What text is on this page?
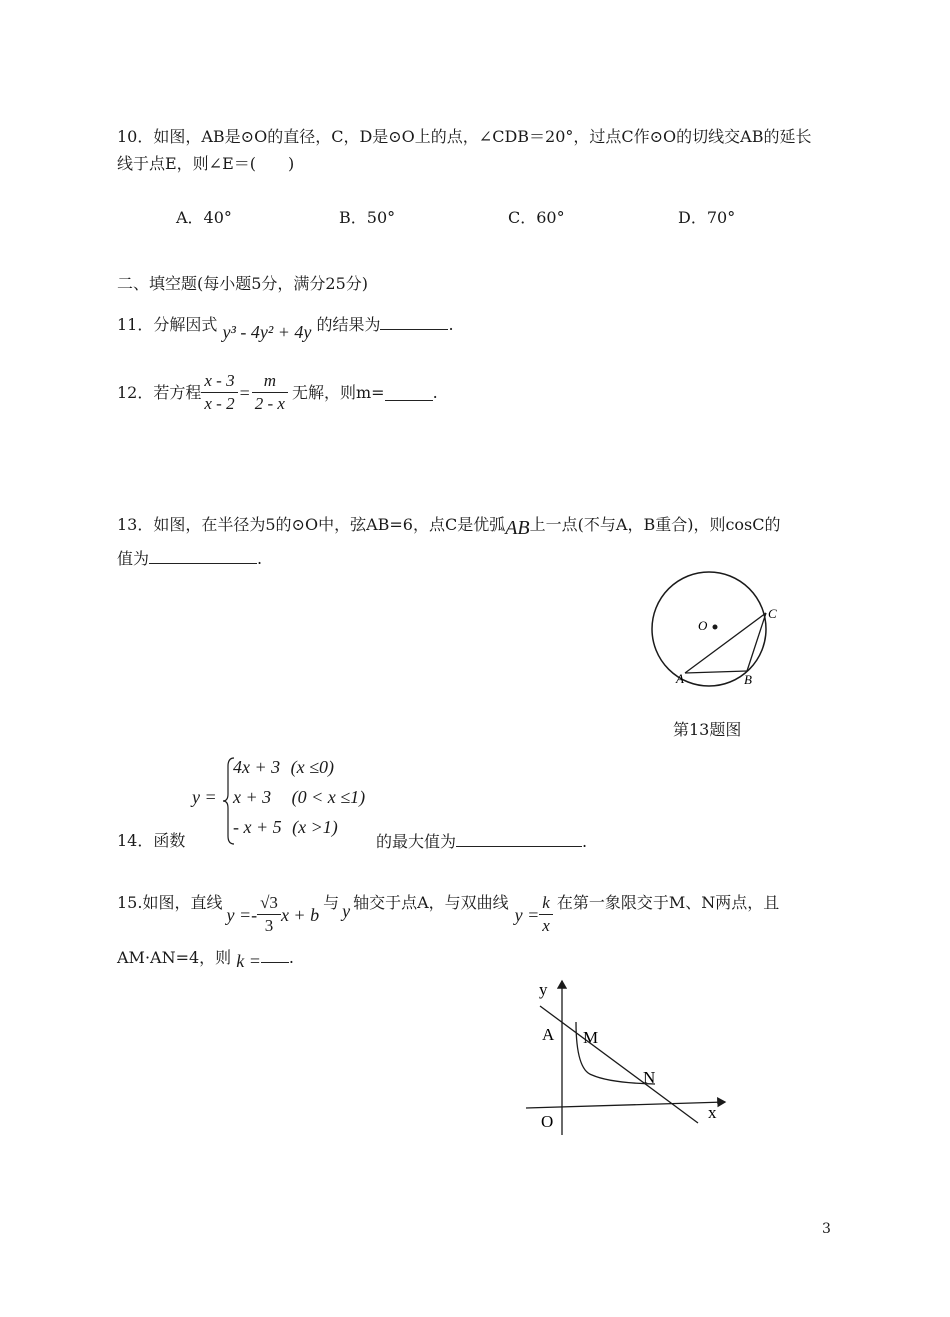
10．如图，AB是⊙O的直径，C，D是⊙O上的点，∠CDB＝20°，过点C作⊙O的切线交AB的延长
线于点E，则∠E＝(　　)
A．40°	B．50°	C．60°	D．70°
二、填空题(每小题5分，满分25分)
11．分解因式 y³ - 4y² + 4y 的结果为	.
12．若方程 $\frac{x - 3}{x - 2} = \frac{m}{2 - x}$ 无解，则m=	.
13．如图，在半径为5的⊙O中，弦AB=6，点C是优弧AB上一点(不与A，B重合)，则cosC的
值为	.
O
A	B
C
第13题图
y =
4x + 3 (x ≤0)
x + 3 (0 < x ≤1)
- x + 5 (x >1)
14．函数	的最大值为	.
15.如图，直线
$y =- \frac{√3}{3}$ x + b
与 y 轴交于点A，与双曲线
$y = \frac{k}{x}$ 在第一象限交于M、N两点，且
AM·AN=4，则 k = .
y
A M
N
O	x
3
